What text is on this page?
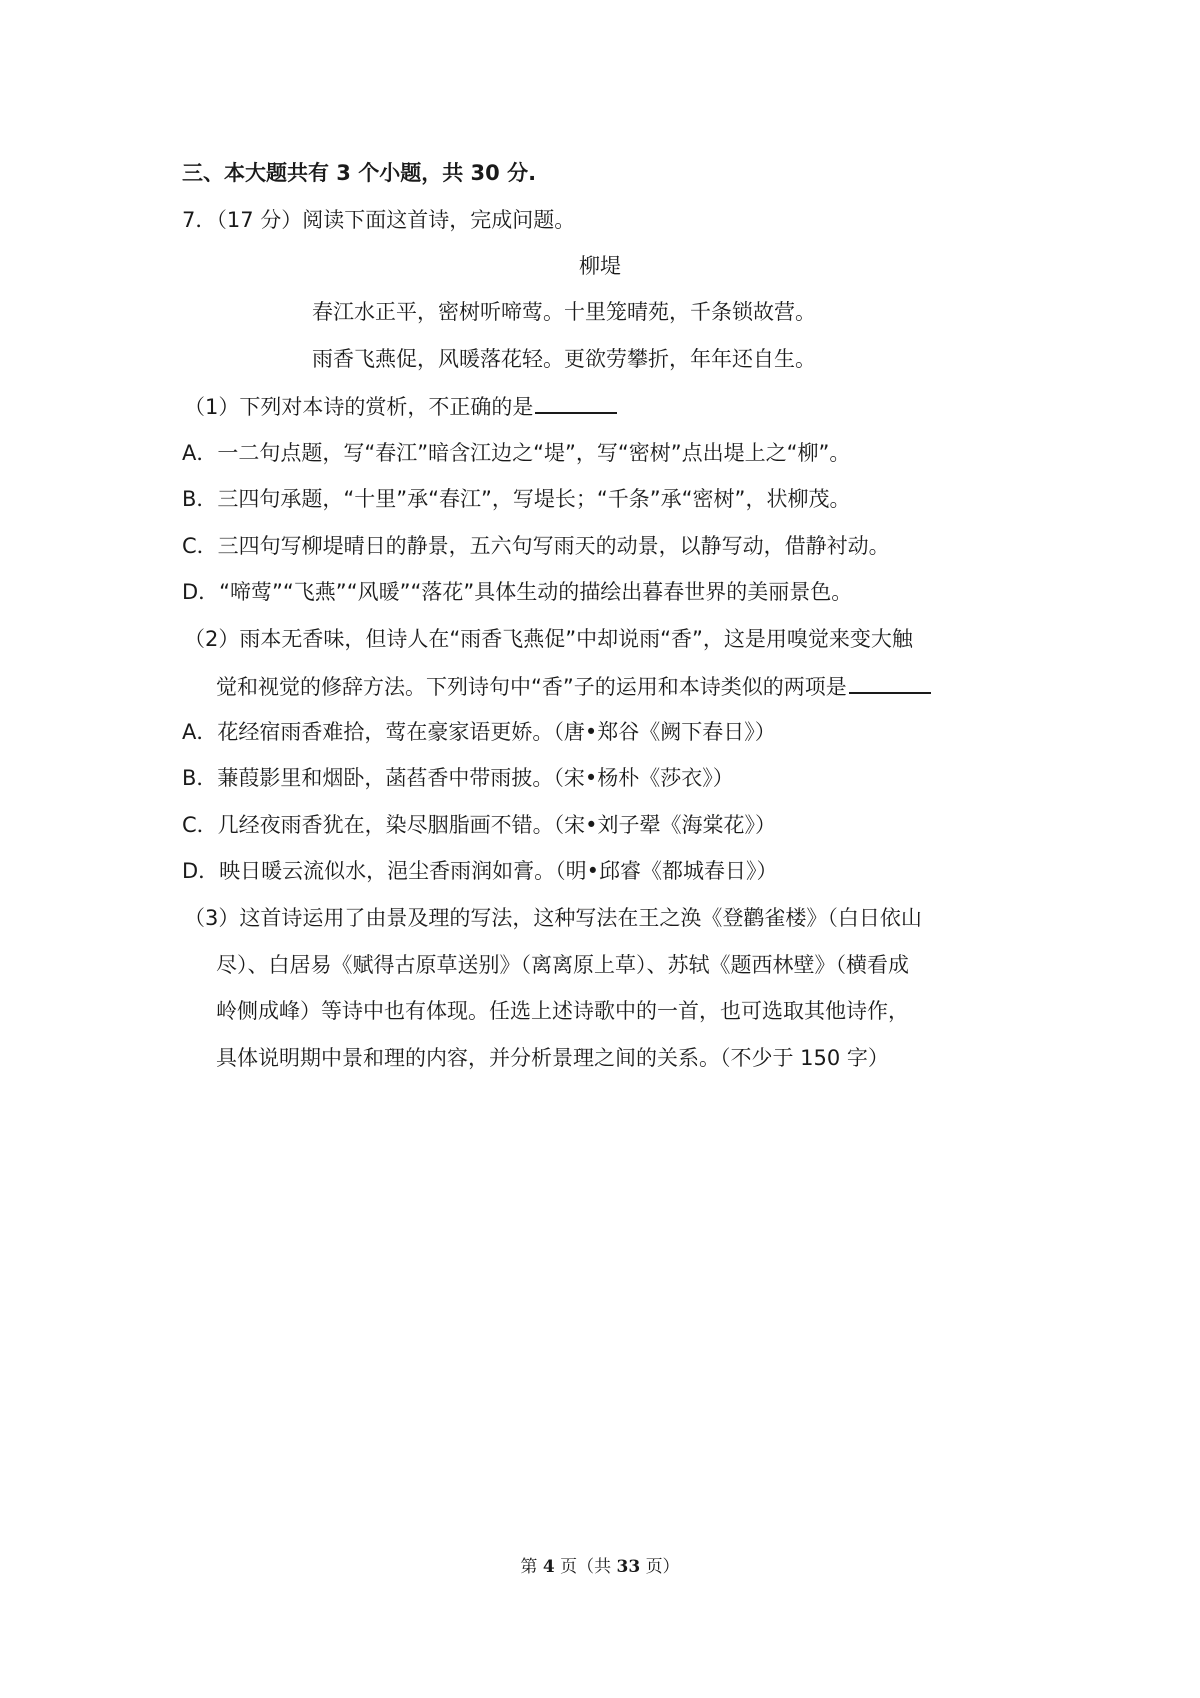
三、本大题共有 3 个小题，共 30 分.
7．（17 分）阅读下面这首诗，完成问题。
柳堤
春江水正平，密树听啼莺。十里笼晴苑，千条锁故营。
雨香飞燕促，风暖落花轻。更欲劳攀折，年年还自生。
（1）下列对本诗的赏析，不正确的是
A．一二句点题，写“春江”暗含江边之“堤”，写“密树”点出堤上之“柳”。
B．三四句承题，“十里”承“春江”，写堤长；“千条”承“密树”，状柳茂。
C．三四句写柳堤晴日的静景，五六句写雨天的动景，以静写动，借静衬动。
D．“啼莺”“飞燕”“风暖”“落花”具体生动的描绘出暮春世界的美丽景色。
（2）雨本无香味，但诗人在“雨香飞燕促”中却说雨“香”，这是用嗅觉来变大触
觉和视觉的修辞方法。下列诗句中“香”子的运用和本诗类似的两项是
A．花经宿雨香难拾，莺在豪家语更娇。（唐•郑谷《阙下春日》）
B．蒹葭影里和烟卧，菡萏香中带雨披。（宋•杨朴《莎衣》）
C．几经夜雨香犹在，染尽胭脂画不错。（宋•刘子翚《海棠花》）
D．映日暖云流似水，浥尘香雨润如膏。（明•邱睿《都城春日》）
（3）这首诗运用了由景及理的写法，这种写法在王之涣《登鹳雀楼》（白日依山
尽）、白居易《赋得古原草送别》（离离原上草）、苏轼《题西林壁》（横看成
岭侧成峰）等诗中也有体现。任选上述诗歌中的一首，也可选取其他诗作，
具体说明期中景和理的内容，并分析景理之间的关系。（不少于 150 字）
第 4 页（共 33 页）
